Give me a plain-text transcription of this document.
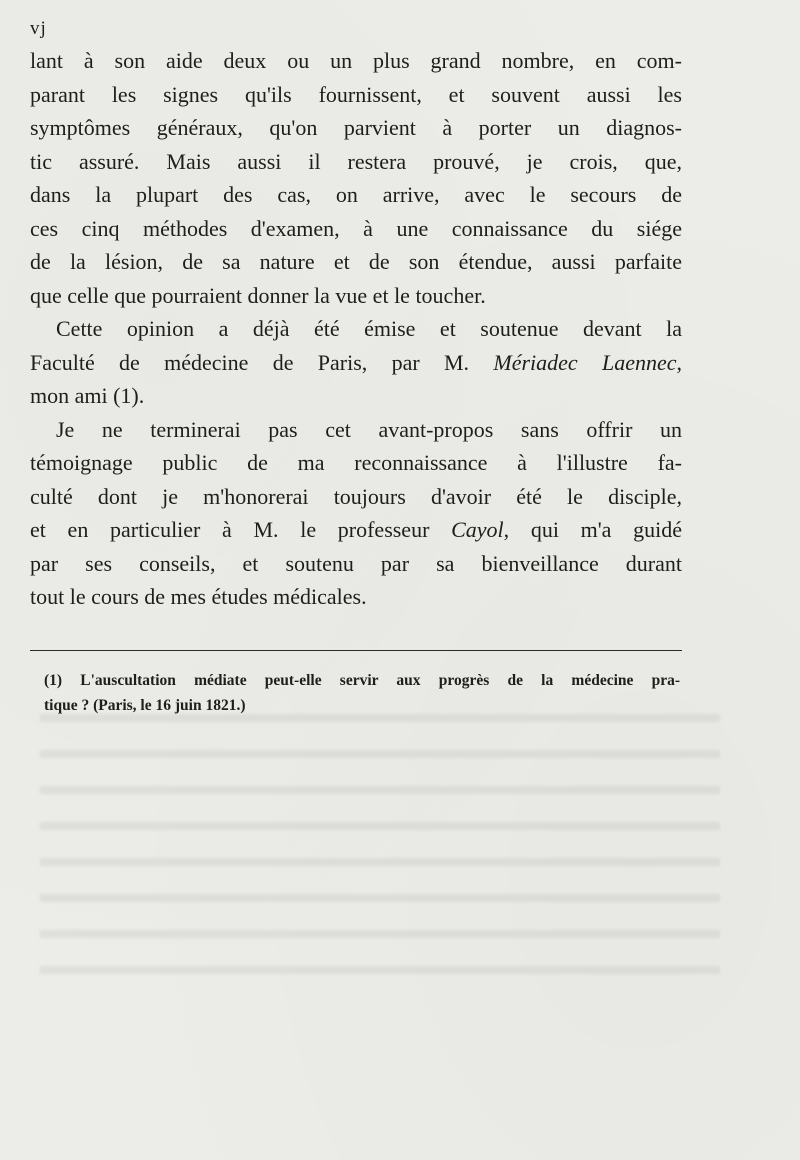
vj
lant à son aide deux ou un plus grand nombre, en com-
parant les signes qu'ils fournissent, et souvent aussi les
symptômes généraux, qu'on parvient à porter un diagnos-
tic assuré. Mais aussi il restera prouvé, je crois, que,
dans la plupart des cas, on arrive, avec le secours de
ces cinq méthodes d'examen, à une connaissance du siége
de la lésion, de sa nature et de son étendue, aussi parfaite
que celle que pourraient donner la vue et le toucher.
Cette opinion a déjà été émise et soutenue devant la
Faculté de médecine de Paris, par M. Mériadec Laennec,
mon ami (1).
Je ne terminerai pas cet avant-propos sans offrir un
témoignage public de ma reconnaissance à l'illustre fa-
culté dont je m'honorerai toujours d'avoir été le disciple,
et en particulier à M. le professeur Cayol, qui m'a guidé
par ses conseils, et soutenu par sa bienveillance durant
tout le cours de mes études médicales.
(1) L'auscultation médiate peut-elle servir aux progrès de la médecine pra-
tique ? (Paris, le 16 juin 1821.)
